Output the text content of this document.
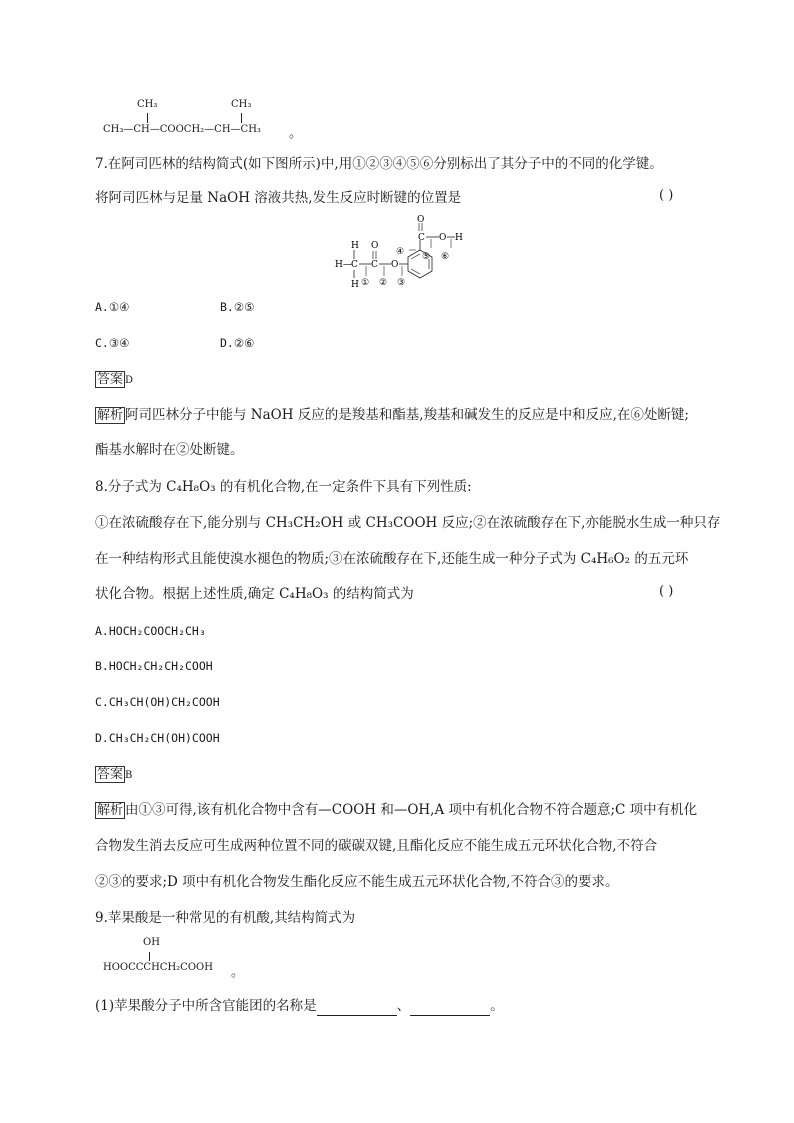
CH₃	CH₃
CH₃—CH—COOCH₂—CH—CH₃ 。
7.在阿司匹林的结构简式(如下图所示)中,用①②③④⑤⑥分别标出了其分子中的不同的化学键。
将阿司匹林与足量 NaOH 溶液共热,发生反应时断键的位置是	( )
H
H— C
H ①
C
O
②
O
③
④
C
O
⑤
O H
⑥
A.①④	B.②⑤
C.③④	D.②⑥
答案 D
解析 阿司匹林分子中能与 NaOH 反应的是羧基和酯基,羧基和碱发生的反应是中和反应,在⑥处断键;
酯基水解时在②处断键。
8.分子式为 C₄H₈O₃ 的有机化合物,在一定条件下具有下列性质:
①在浓硫酸存在下,能分别与 CH₃CH₂OH 或 CH₃COOH 反应;②在浓硫酸存在下,亦能脱水生成一种只存
在一种结构形式且能使溴水褪色的物质;③在浓硫酸存在下,还能生成一种分子式为 C₄H₆O₂ 的五元环
状化合物。根据上述性质,确定 C₄H₈O₃ 的结构简式为	( )
A.HOCH₂COOCH₂CH₃
B.HOCH₂CH₂CH₂COOH
C.CH₃CH(OH)CH₂COOH
D.CH₃CH₂CH(OH)COOH
答案 B
解析 由①③可得,该有机化合物中含有—COOH 和—OH,A 项中有机化合物不符合题意;C 项中有机化
合物发生消去反应可生成两种位置不同的碳碳双键,且酯化反应不能生成五元环状化合物,不符合
②③的要求;D 项中有机化合物发生酯化反应不能生成五元环状化合物,不符合③的要求。
9.苹果酸是一种常见的有机酸,其结构简式为
OH
HOOCCCHCH₂COOH 。
(1)苹果酸分子中所含官能团的名称是	、	。
